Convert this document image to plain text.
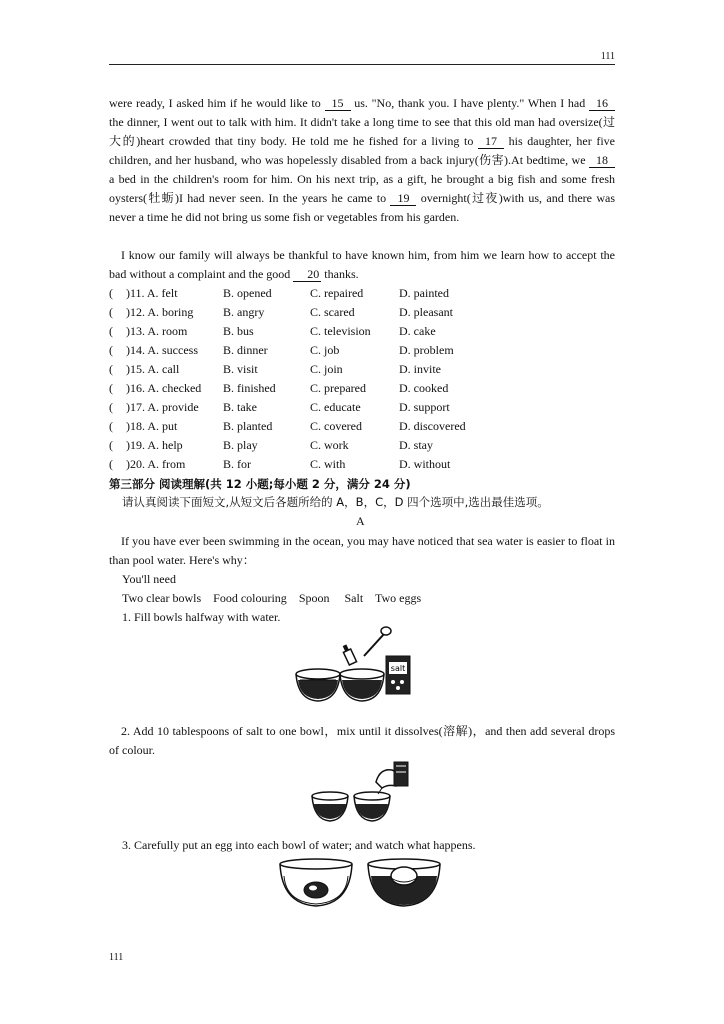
111
were ready, I asked him if he would like to 15 us. "No, thank you. I have plenty." When I had 16 the dinner, I went out to talk with him. It didn't take a long time to see that this old man had oversize(过大的)heart crowded that tiny body. He told me he fished for a living to 17 his daughter, her five children, and her husband, who was hopelessly disabled from a back injury(伤害).At bedtime, we 18 a bed in the children's room for him. On his next trip, as a gift, he brought a big fish and some fresh oysters(牡蛎)I had never seen. In the years he came to 19 overnight(过夜)with us, and there was never a time he did not bring us some fish or vegetables from his garden.
I know our family will always be thankful to have known him, from him we learn how to accept the bad without a complaint and the good 20 thanks.
( )11. A. felt	B. opened	C. repaired	D. painted
( )12. A. boring B. angry	C. scared	D. pleasant
( )13. A. room	B. bus	C. television D. cake
( )14. A. success B. dinner	C. job	D. problem
( )15. A. call	B. visit	C. join	D. invite
( )16. A. checked B. finished	C. prepared	D. cooked
( )17. A. provide B. take	C. educate	D. support
( )18. A. put	B. planted	C. covered	D. discovered
( )19. A. help	B. play	C. work	D. stay
( )20. A. from	B. for	C. with	D. without
第三部分 阅读理解(共 12 小题;每小题 2 分，满分 24 分)
请认真阅读下面短文,从短文后各题所给的 A，B，C，D 四个选项中,选出最佳选项。
A
If you have ever been swimming in the ocean, you may have noticed that sea water is easier to float in than pool water. Here's why：
You'll need
Two clear bowls Food colouring Spoon Salt Two eggs
1. Fill bowls halfway with water.
salt
2. Add 10 tablespoons of salt to one bowl，mix until it dissolves(溶解)，and then add several drops of colour.
3. Carefully put an egg into each bowl of water; and watch what happens.
111
